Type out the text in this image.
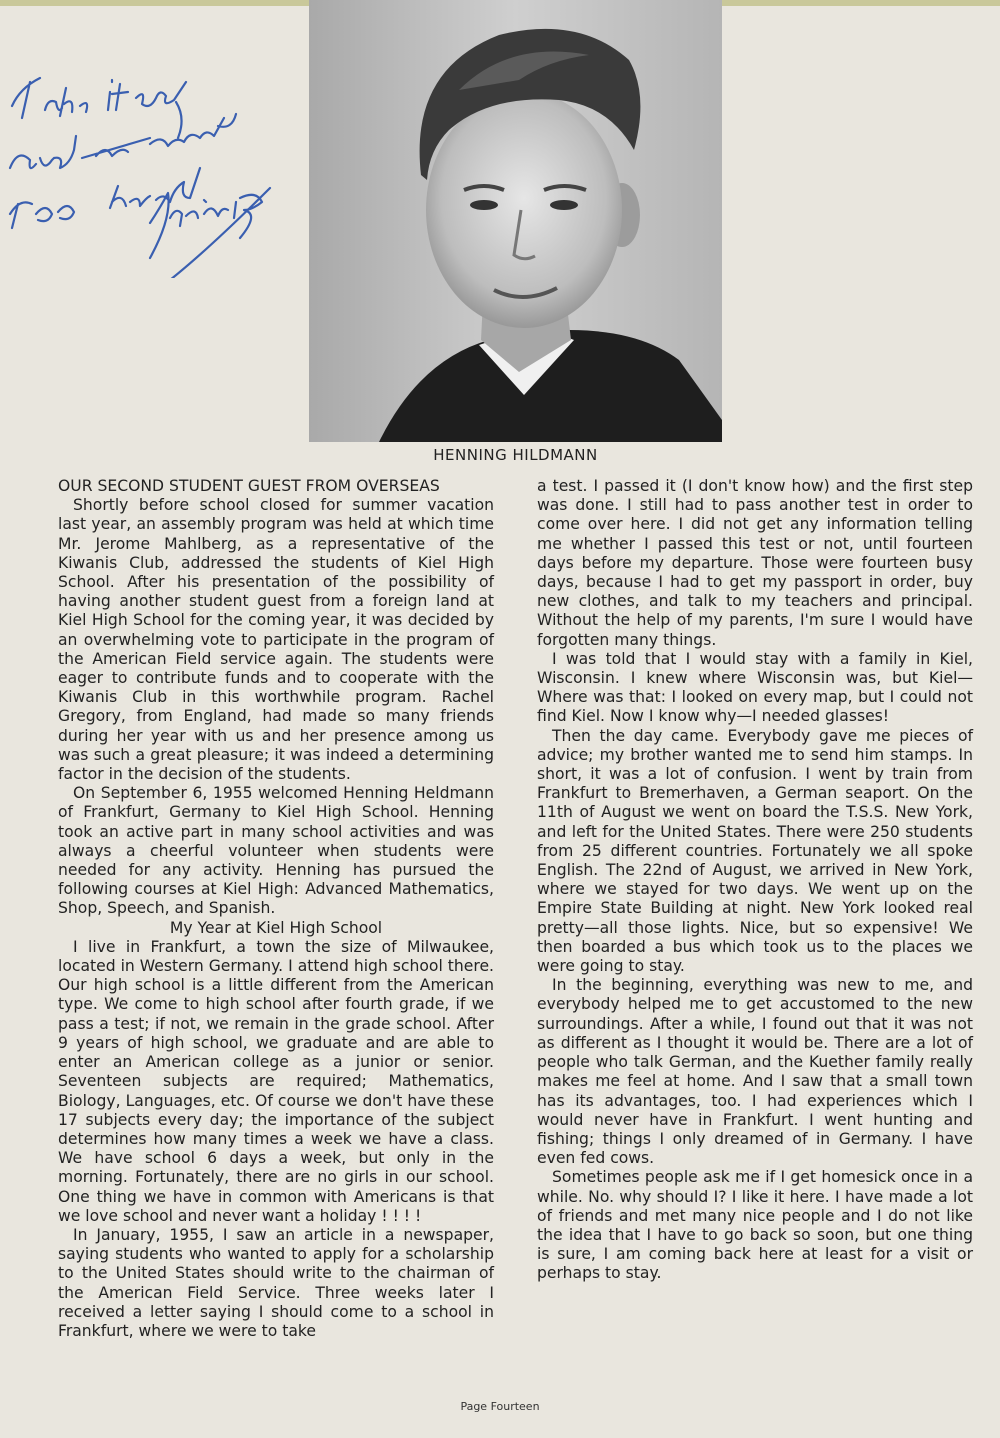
HENNING HILDMANN

OUR SECOND STUDENT GUEST FROM OVERSEAS

Shortly before school closed for summer vacation last year, an assembly program was held at which time Mr. Jerome Mahlberg, as a representative of the Kiwanis Club, addressed the students of Kiel High School. After his presentation of the possibility of having another student guest from a foreign land at Kiel High School for the coming year, it was decided by an overwhelming vote to participate in the program of the American Field service again. The students were eager to contribute funds and to cooperate with the Kiwanis Club in this worthwhile program. Rachel Gregory, from England, had made so many friends during her year with us and her presence among us was such a great pleasure; it was indeed a determining factor in the decision of the students.

On September 6, 1955 welcomed Henning Heldmann of Frankfurt, Germany to Kiel High School. Henning took an active part in many school activities and was always a cheerful volunteer when students were needed for any activity. Henning has pursued the following courses at Kiel High: Advanced Mathematics, Shop, Speech, and Spanish.

My Year at Kiel High School

I live in Frankfurt, a town the size of Milwaukee, located in Western Germany. I attend high school there. Our high school is a little different from the American type. We come to high school after fourth grade, if we pass a test; if not, we remain in the grade school. After 9 years of high school, we graduate and are able to enter an American college as a junior or senior. Seventeen subjects are required; Mathematics, Biology, Languages, etc. Of course we don't have these 17 subjects every day; the importance of the subject determines how many times a week we have a class. We have school 6 days a week, but only in the morning. Fortunately, there are no girls in our school. One thing we have in common with Americans is that we love school and never want a holiday ! ! ! !

In January, 1955, I saw an article in a newspaper, saying students who wanted to apply for a scholarship to the United States should write to the chairman of the American Field Service. Three weeks later I received a letter saying I should come to a school in Frankfurt, where we were to take

a test. I passed it (I don't know how) and the first step was done. I still had to pass another test in order to come over here. I did not get any information telling me whether I passed this test or not, until fourteen days before my departure. Those were fourteen busy days, because I had to get my passport in order, buy new clothes, and talk to my teachers and principal. Without the help of my parents, I'm sure I would have forgotten many things.

I was told that I would stay with a family in Kiel, Wisconsin. I knew where Wisconsin was, but Kiel—Where was that: I looked on every map, but I could not find Kiel. Now I know why—I needed glasses!

Then the day came. Everybody gave me pieces of advice; my brother wanted me to send him stamps. In short, it was a lot of confusion. I went by train from Frankfurt to Bremerhaven, a German seaport. On the 11th of August we went on board the T.S.S. New York, and left for the United States. There were 250 students from 25 different countries. Fortunately we all spoke English. The 22nd of August, we arrived in New York, where we stayed for two days. We went up on the Empire State Building at night. New York looked real pretty—all those lights. Nice, but so expensive! We then boarded a bus which took us to the places we were going to stay.

In the beginning, everything was new to me, and everybody helped me to get accustomed to the new surroundings. After a while, I found out that it was not as different as I thought it would be. There are a lot of people who talk German, and the Kuether family really makes me feel at home. And I saw that a small town has its advantages, too. I had experiences which I would never have in Frankfurt. I went hunting and fishing; things I only dreamed of in Germany. I have even fed cows.

Sometimes people ask me if I get homesick once in a while. No. why should I? I like it here. I have made a lot of friends and met many nice people and I do not like the idea that I have to go back so soon, but one thing is sure, I am coming back here at least for a visit or perhaps to stay.

Page Fourteen
